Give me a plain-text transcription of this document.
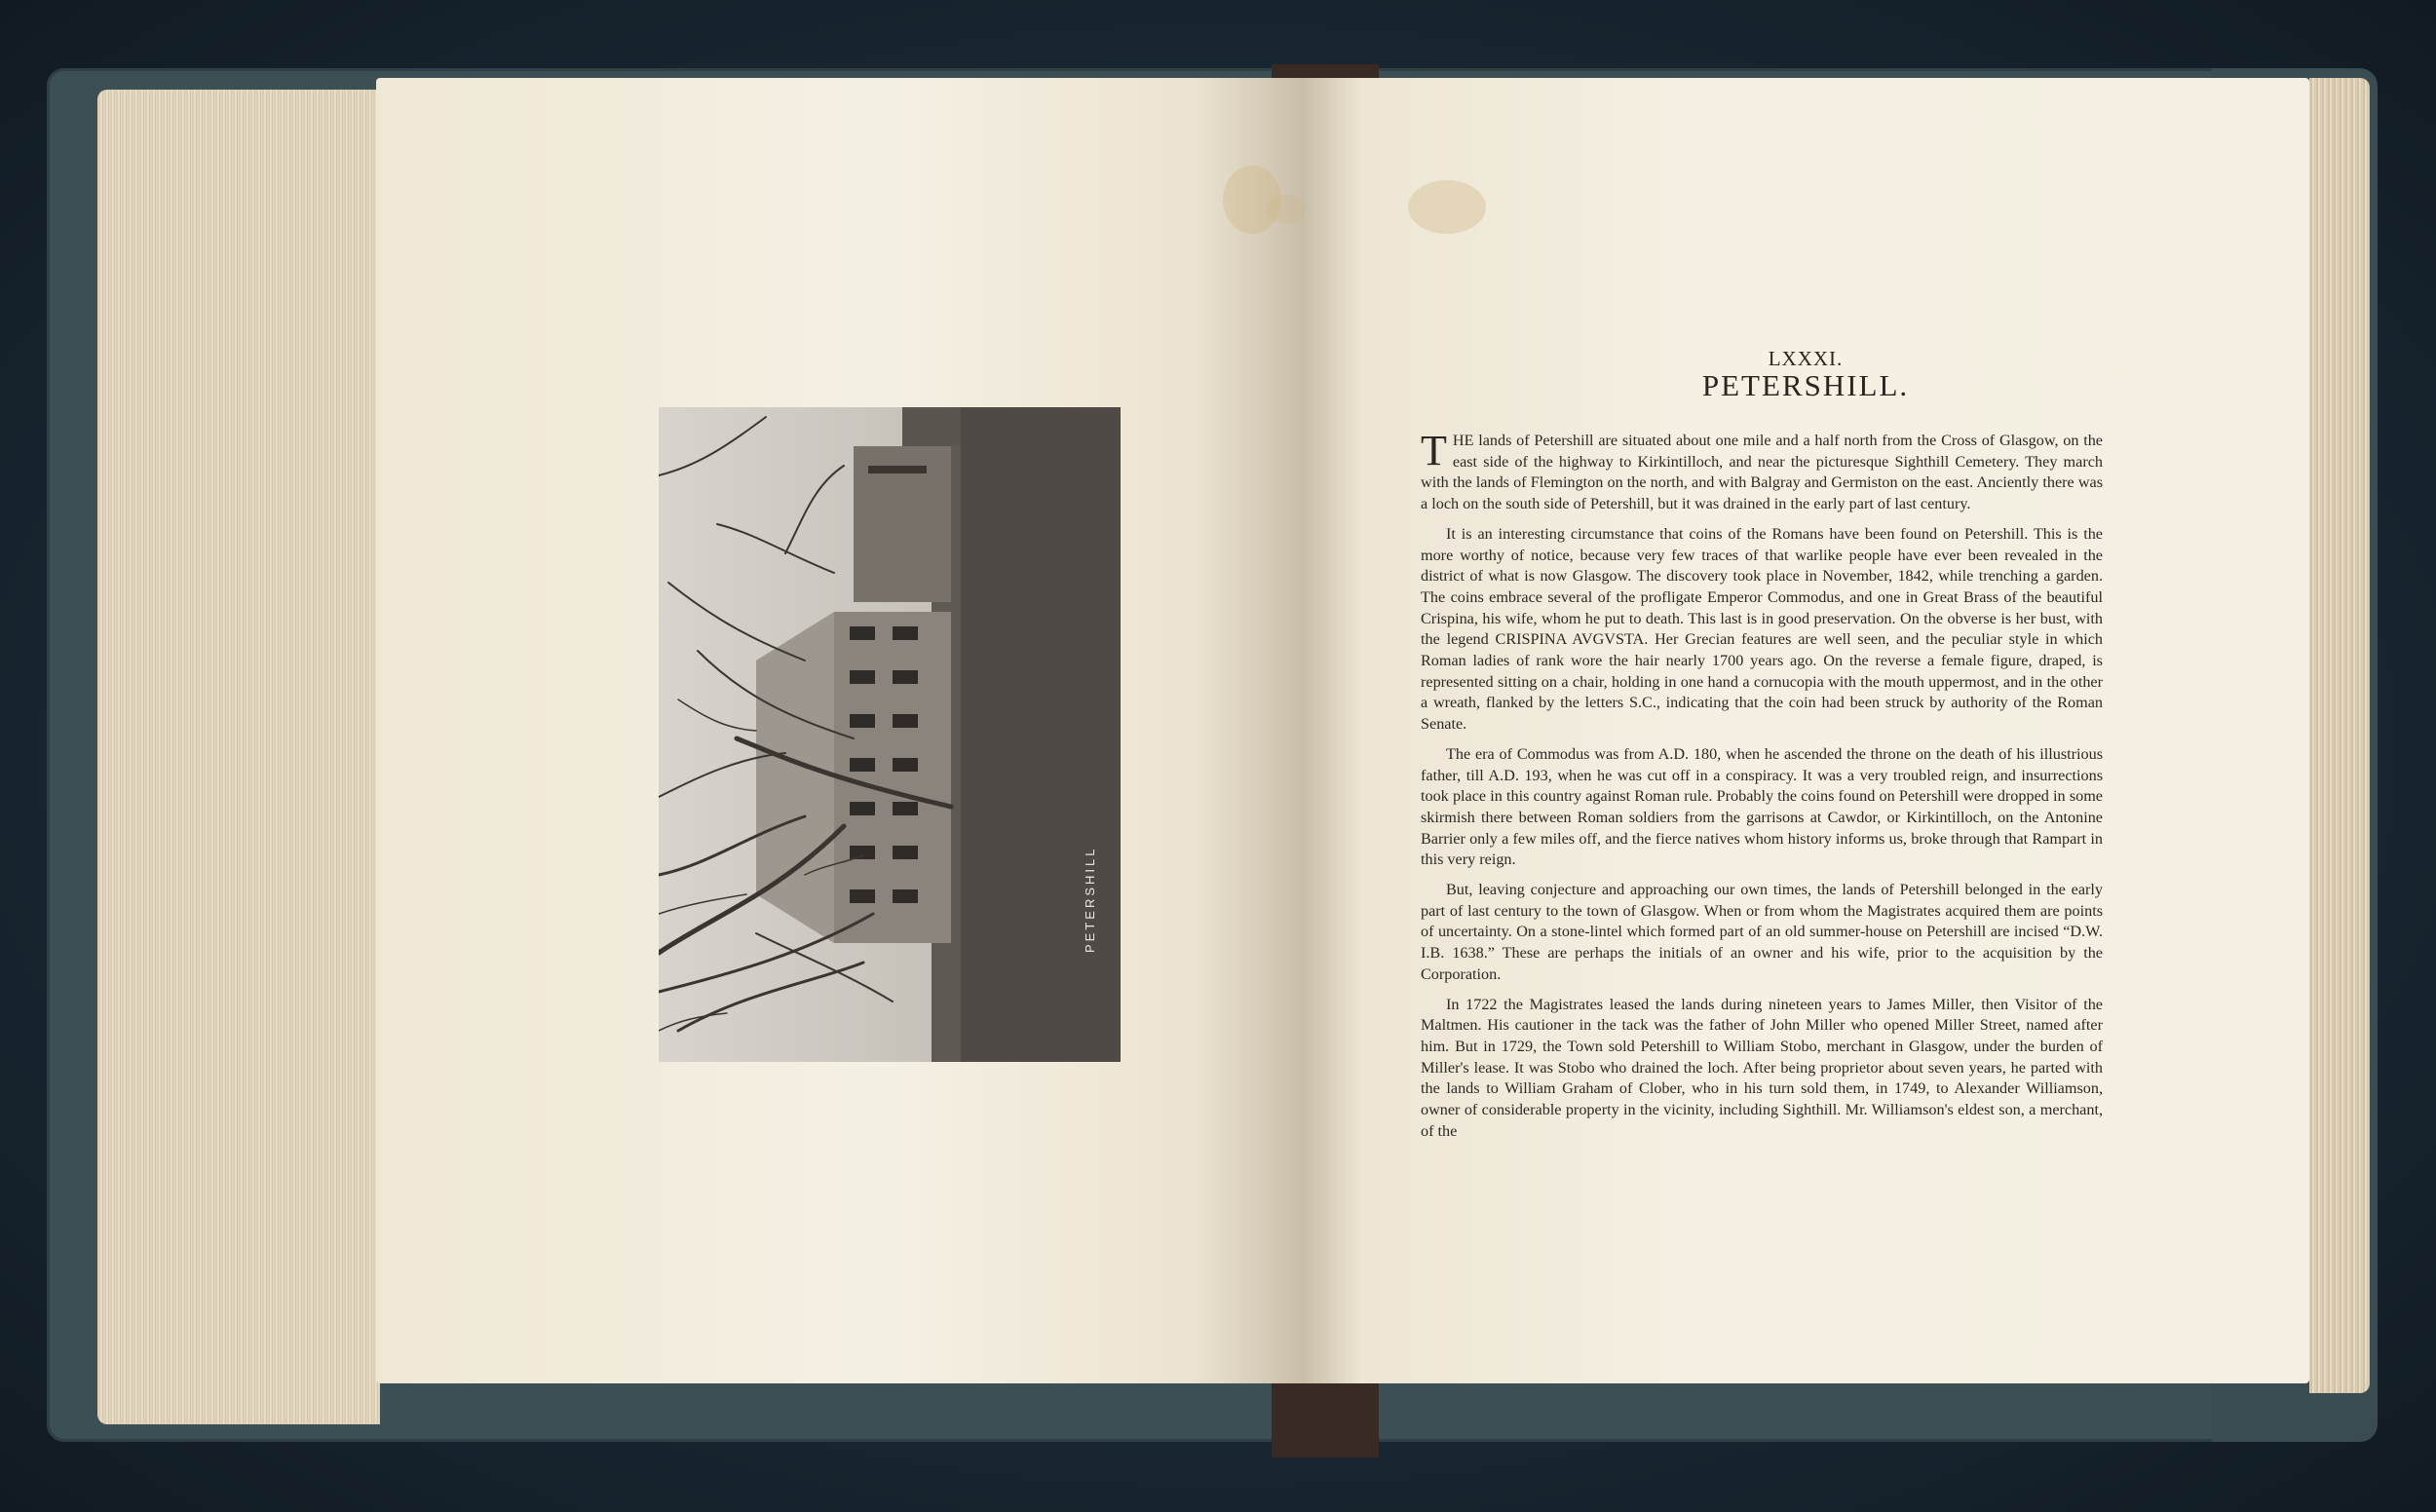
PETERSHILL
LXXXI.
PETERSHILL.

THE lands of Petershill are situated about one mile and a half north from the Cross of Glasgow, on the east side of the highway to Kirkintilloch, and near the picturesque Sighthill Cemetery. They march with the lands of Flemington on the north, and with Balgray and Germiston on the east. Anciently there was a loch on the south side of Petershill, but it was drained in the early part of last century.

It is an interesting circumstance that coins of the Romans have been found on Petershill. This is the more worthy of notice, because very few traces of that warlike people have ever been revealed in the district of what is now Glasgow. The discovery took place in November, 1842, while trenching a garden. The coins embrace several of the profligate Emperor Commodus, and one in Great Brass of the beautiful Crispina, his wife, whom he put to death. This last is in good preservation. On the obverse is her bust, with the legend CRISPINA AVGVSTA. Her Grecian features are well seen, and the peculiar style in which Roman ladies of rank wore the hair nearly 1700 years ago. On the reverse a female figure, draped, is represented sitting on a chair, holding in one hand a cornucopia with the mouth uppermost, and in the other a wreath, flanked by the letters S.C., indicating that the coin had been struck by authority of the Roman Senate.

The era of Commodus was from A.D. 180, when he ascended the throne on the death of his illustrious father, till A.D. 193, when he was cut off in a conspiracy. It was a very troubled reign, and insurrections took place in this country against Roman rule. Probably the coins found on Petershill were dropped in some skirmish there between Roman soldiers from the garrisons at Cawdor, or Kirkintilloch, on the Antonine Barrier only a few miles off, and the fierce natives whom history informs us, broke through that Rampart in this very reign.

But, leaving conjecture and approaching our own times, the lands of Petershill belonged in the early part of last century to the town of Glasgow. When or from whom the Magistrates acquired them are points of uncertainty. On a stone-lintel which formed part of an old summer-house on Petershill are incised “D.W. I.B. 1638.” These are perhaps the initials of an owner and his wife, prior to the acquisition by the Corporation.

In 1722 the Magistrates leased the lands during nineteen years to James Miller, then Visitor of the Maltmen. His cautioner in the tack was the father of John Miller who opened Miller Street, named after him. But in 1729, the Town sold Petershill to William Stobo, merchant in Glasgow, under the burden of Miller's lease. It was Stobo who drained the loch. After being proprietor about seven years, he parted with the lands to William Graham of Clober, who in his turn sold them, in 1749, to Alexander Williamson, owner of considerable property in the vicinity, including Sighthill. Mr. Williamson's eldest son, a merchant, of the
